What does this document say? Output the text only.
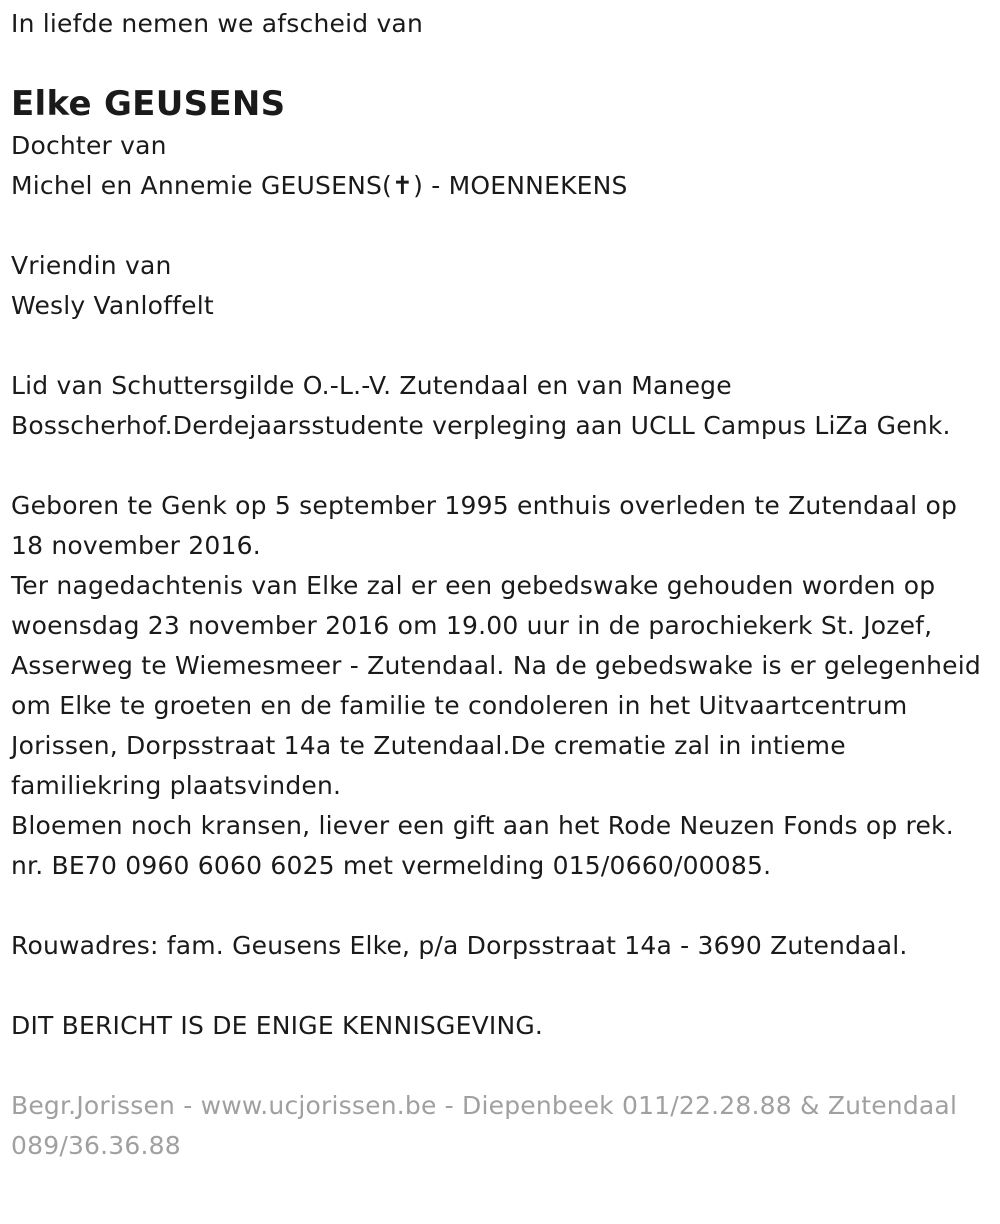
In liefde nemen we afscheid van

Elke GEUSENS

Dochter van

Michel en Annemie GEUSENS(✝) - MOENNEKENS

Vriendin van

Wesly Vanloffelt

Lid van Schuttersgilde O.-L.-V. Zutendaal en van Manege Bosscherhof.Derdejaarsstudente verpleging aan UCLL Campus LiZa Genk.

Geboren te Genk op 5 september 1995 enthuis overleden te Zutendaal op 18 november 2016.

Ter nagedachtenis van Elke zal er een gebedswake gehouden worden op woensdag 23 november 2016 om 19.00 uur in de parochiekerk St. Jozef, Asserweg te Wiemesmeer - Zutendaal. Na de gebedswake is er gelegenheid om Elke te groeten en de familie te condoleren in het Uitvaartcentrum Jorissen, Dorpsstraat 14a te Zutendaal.De crematie zal in intieme familiekring plaatsvinden.

Bloemen noch kransen, liever een gift aan het Rode Neuzen Fonds op rek. nr. BE70 0960 6060 6025 met vermelding 015/0660/00085.

Rouwadres: fam. Geusens Elke, p/a Dorpsstraat 14a - 3690 Zutendaal.

DIT BERICHT IS DE ENIGE KENNISGEVING.

Begr.Jorissen - www.ucjorissen.be - Diepenbeek 011/22.28.88 & Zutendaal 089/36.36.88
